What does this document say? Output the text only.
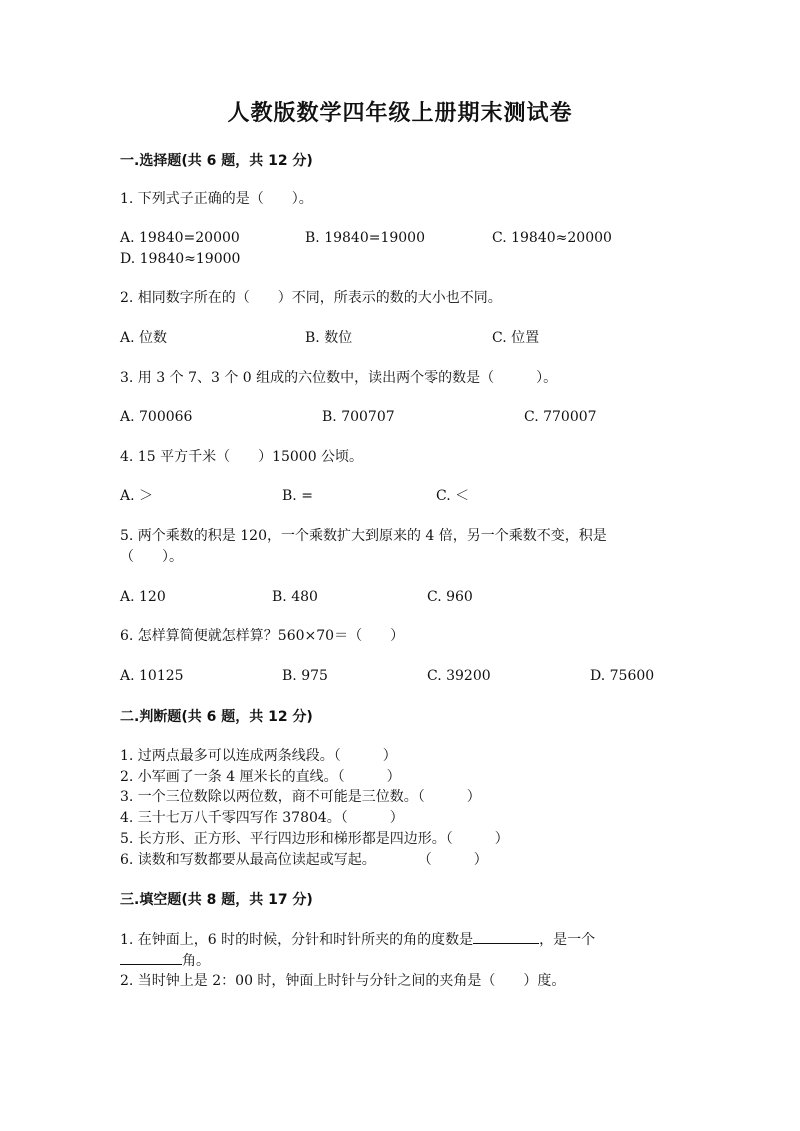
人教版数学四年级上册期末测试卷
一.选择题(共 6 题，共 12 分)
1. 下列式子正确的是（　　）。
A. 19840=20000	B. 19840=19000	C. 19840≈20000
D. 19840≈19000
2. 相同数字所在的（　　）不同，所表示的数的大小也不同。
A. 位数	B. 数位	C. 位置
3. 用 3 个 7、3 个 0 组成的六位数中，读出两个零的数是（　　　）。
A. 700066	B. 700707	C. 770007
4. 15 平方千米（　　）15000 公顷。
A. ＞	B. =	C. ＜
5. 两个乘数的积是 120，一个乘数扩大到原来的 4 倍，另一个乘数不变，积是
（　　）。
A. 120	B. 480	C. 960
6. 怎样算简便就怎样算？560×70＝（　　）
A. 10125	B. 975	C. 39200	D. 75600
二.判断题(共 6 题，共 12 分)
1. 过两点最多可以连成两条线段。（　　　）
2. 小军画了一条 4 厘米长的直线。（　　　）
3. 一个三位数除以两位数，商不可能是三位数。（　　　）
4. 三十七万八千零四写作 37804。（　　　）
5. 长方形、正方形、平行四边形和梯形都是四边形。（　　　）
6. 读数和写数都要从最高位读起或写起。　　　　（　　　）
三.填空题(共 8 题，共 17 分)
1. 在钟面上，6 时的时候，分针和时针所夹的角的度数是	，是一个
角。
2. 当时钟上是 2：00 时，钟面上时针与分针之间的夹角是（　　）度。
